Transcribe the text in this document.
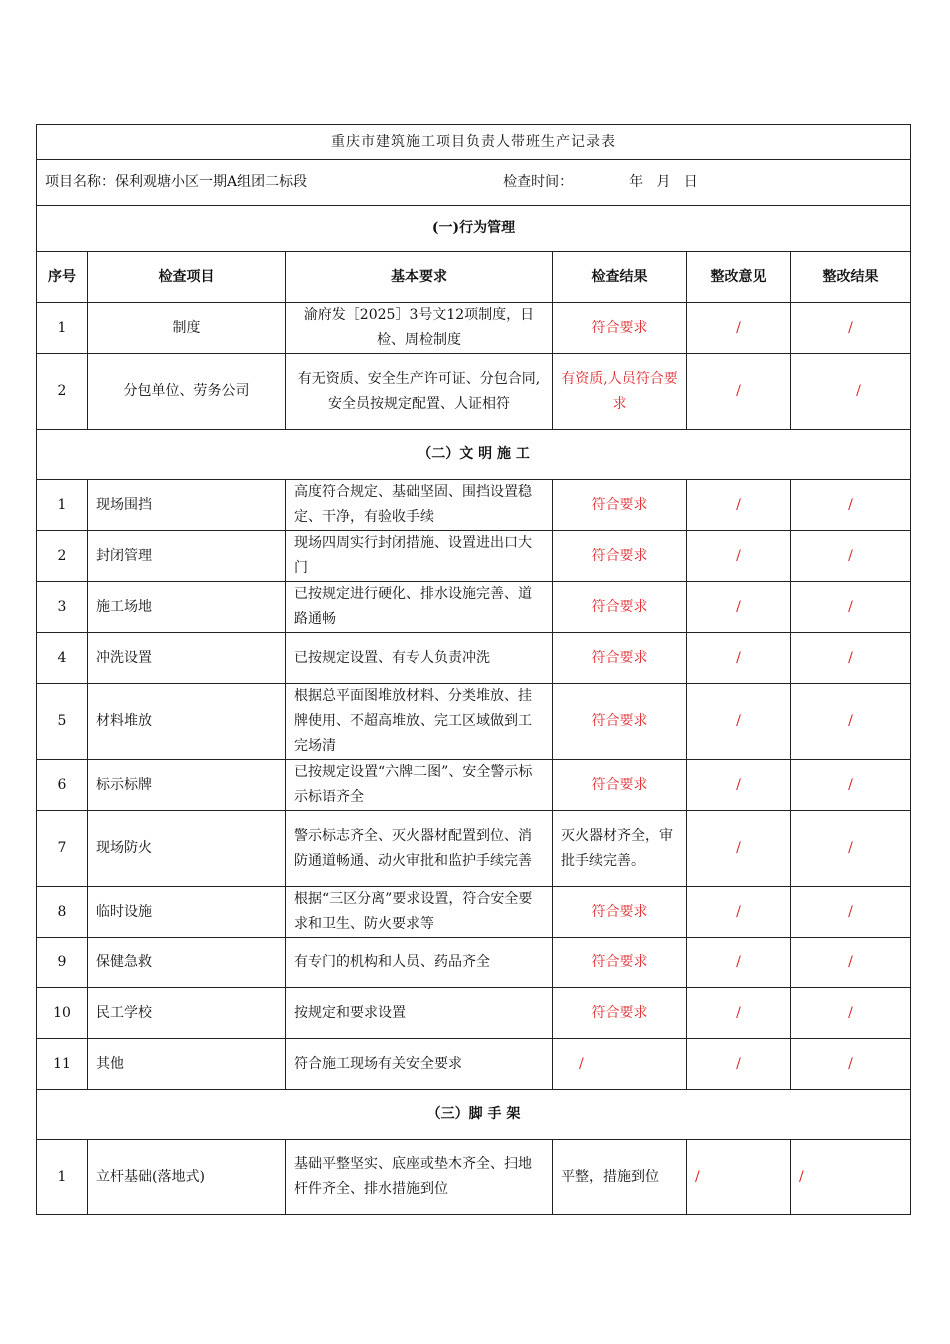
重庆市建筑施工项目负责人带班生产记录表					
项目名称：保利观塘小区一期A组团二标段 检查时间： 年   月   日					
(一)行为管理					
序号	检查项目	基本要求	检查结果	整改意见	整改结果
1	制度	渝府发［2025］3号文12项制度，日检、周检制度	符合要求	/	/
2	分包单位、劳务公司	有无资质、安全生产许可证、分包合同,安全员按规定配置、人证相符	有资质,人员符合要求	/	/
（二）文 明 施 工					
1	现场围挡	高度符合规定、基础坚固、围挡设置稳定、干净，有验收手续	符合要求	/	/
2	封闭管理	现场四周实行封闭措施、设置进出口大门	符合要求	/	/
3	施工场地	已按规定进行硬化、排水设施完善、道路通畅	符合要求	/	/
4	冲洗设置	已按规定设置、有专人负责冲洗	符合要求	/	/
5	材料堆放	根据总平面图堆放材料、分类堆放、挂牌使用、不超高堆放、完工区域做到工完场清	符合要求	/	/
6	标示标牌	已按规定设置“六牌二图”、安全警示标示标语齐全	符合要求	/	/
7	现场防火	警示标志齐全、灭火器材配置到位、消防通道畅通、动火审批和监护手续完善	灭火器材齐全，审批手续完善。	/	/
8	临时设施	根据“三区分离”要求设置，符合安全要求和卫生、防火要求等	符合要求	/	/
9	保健急救	有专门的机构和人员、药品齐全	符合要求	/	/
10	民工学校	按规定和要求设置	符合要求	/	/
11	其他	符合施工现场有关安全要求	/	/	/
（三）脚 手 架					
1	立杆基础(落地式)	基础平整坚实、底座或垫木齐全、扫地杆件齐全、排水措施到位	平整，措施到位	/	/
